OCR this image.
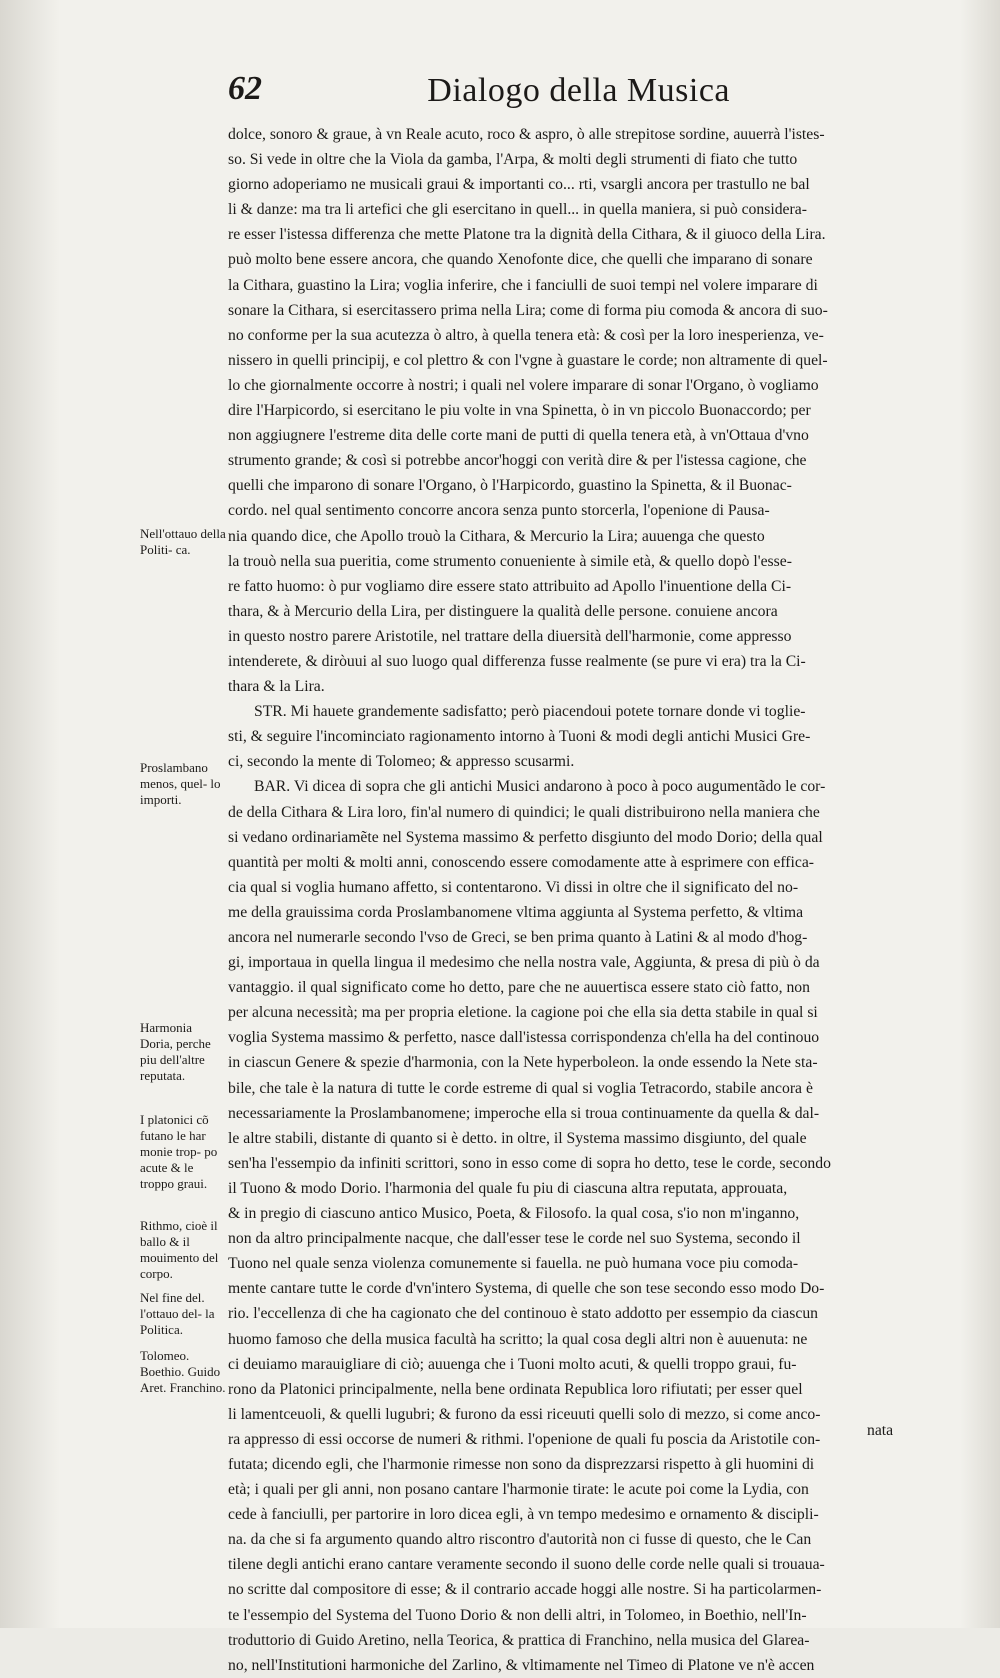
62	Dialogo della Musica
dolce, sonoro & graue, à vn Reale acuto, roco & aspro, ò alle strepitose sordine, auuerrà l'istes-
so. Si vede in oltre che la Viola da gamba, l'Arpa, & molti degli strumenti di fiato che tutto
giorno adoperiamo ne musicali graui & importanti co... rti, vsargli ancora per trastullo ne bal
li & danze: ma tra li artefici che gli esercitano in quell... in quella maniera, si può considera-
re esser l'istessa differenza che mette Platone tra la dignità della Cithara, & il giuoco della Lira.
può molto bene essere ancora, che quando Xenofonte dice, che quelli che imparano di sonare
la Cithara, guastino la Lira; voglia inferire, che i fanciulli de suoi tempi nel volere imparare di
sonare la Cithara, si esercitassero prima nella Lira; come di forma piu comoda & ancora di suo-
no conforme per la sua acutezza ò altro, à quella tenera età: & così per la loro inesperienza, ve-
nissero in quelli principij, e col plettro & con l'vgne à guastare le corde; non altramente di quel-
lo che giornalmente occorre à nostri; i quali nel volere imparare di sonar l'Organo, ò vogliamo
dire l'Harpicordo, si esercitano le piu volte in vna Spinetta, ò in vn piccolo Buonaccordo; per
non aggiugnere l'estreme dita delle corte mani de putti di quella tenera età, à vn'Ottaua d'vno
strumento grande; & così si potrebbe ancor'hoggi con verità dire & per l'istessa cagione, che
quelli che imparono di sonare l'Organo, ò l'Harpicordo, guastino la Spinetta, & il Buonac-
cordo. nel qual sentimento concorre ancora senza punto storcerla, l'openione di Pausa-
nia quando dice, che Apollo trouò la Cithara, & Mercurio la Lira; auuenga che questo
la trouò nella sua pueritia, come strumento conueniente à simile età, & quello dopò l'esse-
re fatto huomo: ò pur vogliamo dire essere stato attribuito ad Apollo l'inuentione della Ci-
thara, & à Mercurio della Lira, per distinguere la qualità delle persone. conuiene ancora
in questo nostro parere Aristotile, nel trattare della diuersità dell'harmonie, come appresso
intenderete, & diròuui al suo luogo qual differenza fusse realmente (se pure vi era) tra la Ci-
thara & la Lira.
STR. Mi hauete grandemente sadisfatto; però piacendoui potete tornare donde vi toglie-
sti, & seguire l'incominciato ragionamento intorno à Tuoni & modi degli antichi Musici Gre-
ci, secondo la mente di Tolomeo; & appresso scusarmi.
BAR. Vi dicea di sopra che gli antichi Musici andarono à poco à poco augumentãdo le cor-
de della Cithara & Lira loro, fin'al numero di quindici; le quali distribuirono nella maniera che
si vedano ordinariamẽte nel Systema massimo & perfetto disgiunto del modo Dorio; della qual
quantità per molti & molti anni, conoscendo essere comodamente atte à esprimere con effica-
cia qual si voglia humano affetto, si contentarono. Vi dissi in oltre che il significato del no-
me della grauissima corda Proslambanomene vltima aggiunta al Systema perfetto, & vltima
ancora nel numerarle secondo l'vso de Greci, se ben prima quanto à Latini & al modo d'hog-
gi, importaua in quella lingua il medesimo che nella nostra vale, Aggiunta, & presa di più ò da
vantaggio. il qual significato come ho detto, pare che ne auuertisca essere stato ciò fatto, non
per alcuna necessità; ma per propria eletione. la cagione poi che ella sia detta stabile in qual si
voglia Systema massimo & perfetto, nasce dall'istessa corrispondenza ch'ella ha del continouo
in ciascun Genere & spezie d'harmonia, con la Nete hyperboleon. la onde essendo la Nete sta-
bile, che tale è la natura di tutte le corde estreme di qual si voglia Tetracordo, stabile ancora è
necessariamente la Proslambanomene; imperoche ella si troua continuamente da quella & dal-
le altre stabili, distante di quanto si è detto. in oltre, il Systema massimo disgiunto, del quale
sen'ha l'essempio da infiniti scrittori, sono in esso come di sopra ho detto, tese le corde, secondo
il Tuono & modo Dorio. l'harmonia del quale fu piu di ciascuna altra reputata, approuata,
& in pregio di ciascuno antico Musico, Poeta, & Filosofo. la qual cosa, s'io non m'inganno,
non da altro principalmente nacque, che dall'esser tese le corde nel suo Systema, secondo il
Tuono nel quale senza violenza comunemente si fauella. ne può humana voce piu comoda-
mente cantare tutte le corde d'vn'intero Systema, di quelle che son tese secondo esso modo Do-
rio. l'eccellenza di che ha cagionato che del continouo è stato addotto per essempio da ciascun
huomo famoso che della musica facultà ha scritto; la qual cosa degli altri non è auuenuta: ne
ci deuiamo marauigliare di ciò; auuenga che i Tuoni molto acuti, & quelli troppo graui, fu-
rono da Platonici principalmente, nella bene ordinata Republica loro rifiutati; per esser quel
li lamentceuoli, & quelli lugubri; & furono da essi riceuuti quelli solo di mezzo, si come anco-
ra appresso di essi occorse de numeri & rithmi. l'openione de quali fu poscia da Aristotile con-
futata; dicendo egli, che l'harmonie rimesse non sono da disprezzarsi rispetto à gli huomini di
età; i quali per gli anni, non posano cantare l'harmonie tirate: le acute poi come la Lydia, con
cede à fanciulli, per partorire in loro dicea egli, à vn tempo medesimo e ornamento & discipli-
na. da che si fa argumento quando altro riscontro d'autorità non ci fusse di questo, che le Can
tilene degli antichi erano cantare veramente secondo il suono delle corde nelle quali si trouaua-
no scritte dal compositore di esse; & il contrario accade hoggi alle nostre. Si ha particolarmen-
te l'essempio del Systema del Tuono Dorio & non delli altri, in Tolomeo, in Boethio, nell'In-
troduttorio di Guido Aretino, nella Teorica, & prattica di Franchino, nella musica del Glarea-
no, nell'Institutioni harmoniche del Zarlino, & vltimamente nel Timeo di Platone ve n'è accen
Nell'ottauo della Politi- ca.
Proslambano menos, quel- lo importi.
Harmonia Doria, perche piu dell'altre reputata.
I platonici cõ futano le har monie trop- po acute & le troppo graui.
Rithmo, cioè il ballo & il mouimento del corpo.
Nel fine del. l'ottauo del- la Politica.
Tolomeo. Boethio. Guido Aret. Franchino.
nata
